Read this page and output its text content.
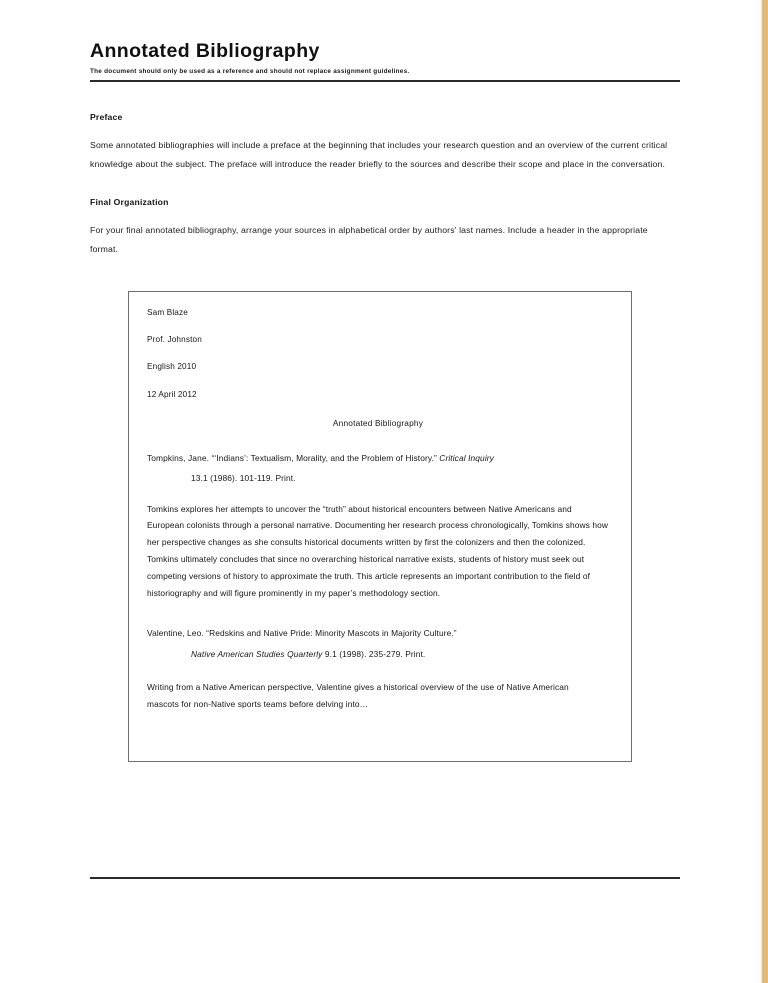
Annotated Bibliography
The document should only be used as a reference and should not replace assignment guidelines.
Preface

Some annotated bibliographies will include a preface at the beginning that includes your research question and an overview of the current critical knowledge about the subject. The preface will introduce the reader briefly to the sources and describe their scope and place in the conversation.

Final Organization

For your final annotated bibliography, arrange your sources in alphabetical order by authors' last names. Include a header in the appropriate format.

Sam Blaze
Prof. Johnston
English 2010
12 April 2012
Annotated Bibliography
Tompkins, Jane. “‘Indians’: Textualism, Morality, and the Problem of History.” Critical Inquiry
13.1 (1986). 101-119. Print.

Tomkins explores her attempts to uncover the “truth” about historical encounters between Native Americans and European colonists through a personal narrative. Documenting her research process chronologically, Tomkins shows how her perspective changes as she consults historical documents written by first the colonizers and then the colonized. Tomkins ultimately concludes that since no overarching historical narrative exists, students of history must seek out competing versions of history to approximate the truth. This article represents an important contribution to the field of historiography and will figure prominently in my paper’s methodology section.

Valentine, Leo. “Redskins and Native Pride: Minority Mascots in Majority Culture.”
Native American Studies Quarterly 9.1 (1998). 235-279. Print.

Writing from a Native American perspective, Valentine gives a historical overview of the use of Native American mascots for non-Native sports teams before delving into…
